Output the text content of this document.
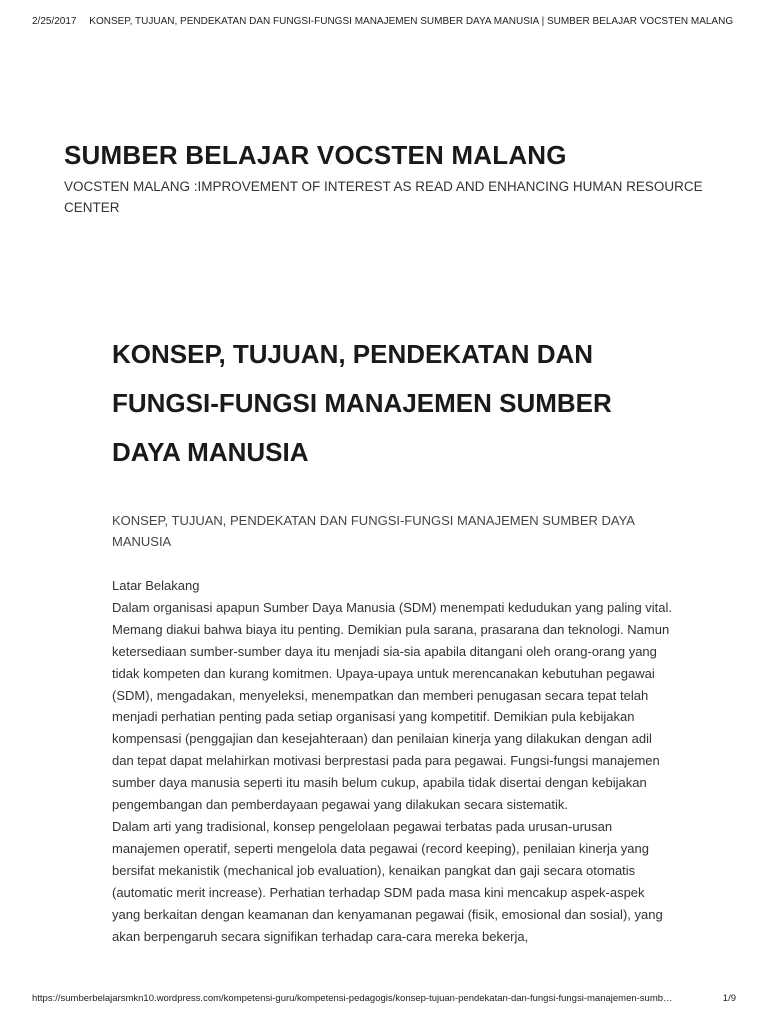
2/25/2017 KONSEP, TUJUAN, PENDEKATAN DAN FUNGSI-FUNGSI MANAJEMEN SUMBER DAYA MANUSIA | SUMBER BELAJAR VOCSTEN MALANG
SUMBER BELAJAR VOCSTEN MALANG
VOCSTEN MALANG :IMPROVEMENT OF INTEREST AS READ AND ENHANCING HUMAN RESOURCE CENTER
KONSEP, TUJUAN, PENDEKATAN DAN FUNGSI-FUNGSI MANAJEMEN SUMBER DAYA MANUSIA
KONSEP, TUJUAN, PENDEKATAN DAN FUNGSI-FUNGSI MANAJEMEN SUMBER DAYA MANUSIA

Latar Belakang

Dalam organisasi apapun Sumber Daya Manusia (SDM) menempati kedudukan yang paling vital. Memang diakui bahwa biaya itu penting. Demikian pula sarana, prasarana dan teknologi. Namun ketersediaan sumber-sumber daya itu menjadi sia-sia apabila ditangani oleh orang-orang yang tidak kompeten dan kurang komitmen. Upaya-upaya untuk merencanakan kebutuhan pegawai (SDM), mengadakan, menyeleksi, menempatkan dan memberi penugasan secara tepat telah menjadi perhatian penting pada setiap organisasi yang kompetitif. Demikian pula kebijakan kompensasi (penggajian dan kesejahteraan) dan penilaian kinerja yang dilakukan dengan adil dan tepat dapat melahirkan motivasi berprestasi pada para pegawai. Fungsi-fungsi manajemen sumber daya manusia seperti itu masih belum cukup, apabila tidak disertai dengan kebijakan pengembangan dan pemberdayaan pegawai yang dilakukan secara sistematik.

Dalam arti yang tradisional, konsep pengelolaan pegawai terbatas pada urusan-urusan manajemen operatif, seperti mengelola data pegawai (record keeping), penilaian kinerja yang bersifat mekanistik (mechanical job evaluation), kenaikan pangkat dan gaji secara otomatis (automatic merit increase). Perhatian terhadap SDM pada masa kini mencakup aspek-aspek yang berkaitan dengan keamanan dan kenyamanan pegawai (fisik, emosional dan sosial), yang akan berpengaruh secara signifikan terhadap cara-cara mereka bekerja,

https://sumberbelajarsmkn10.wordpress.com/kompetensi-guru/kompetensi-pedagogis/konsep-tujuan-pendekatan-dan-fungsi-fungsi-manajemen-sumb…	1/9
